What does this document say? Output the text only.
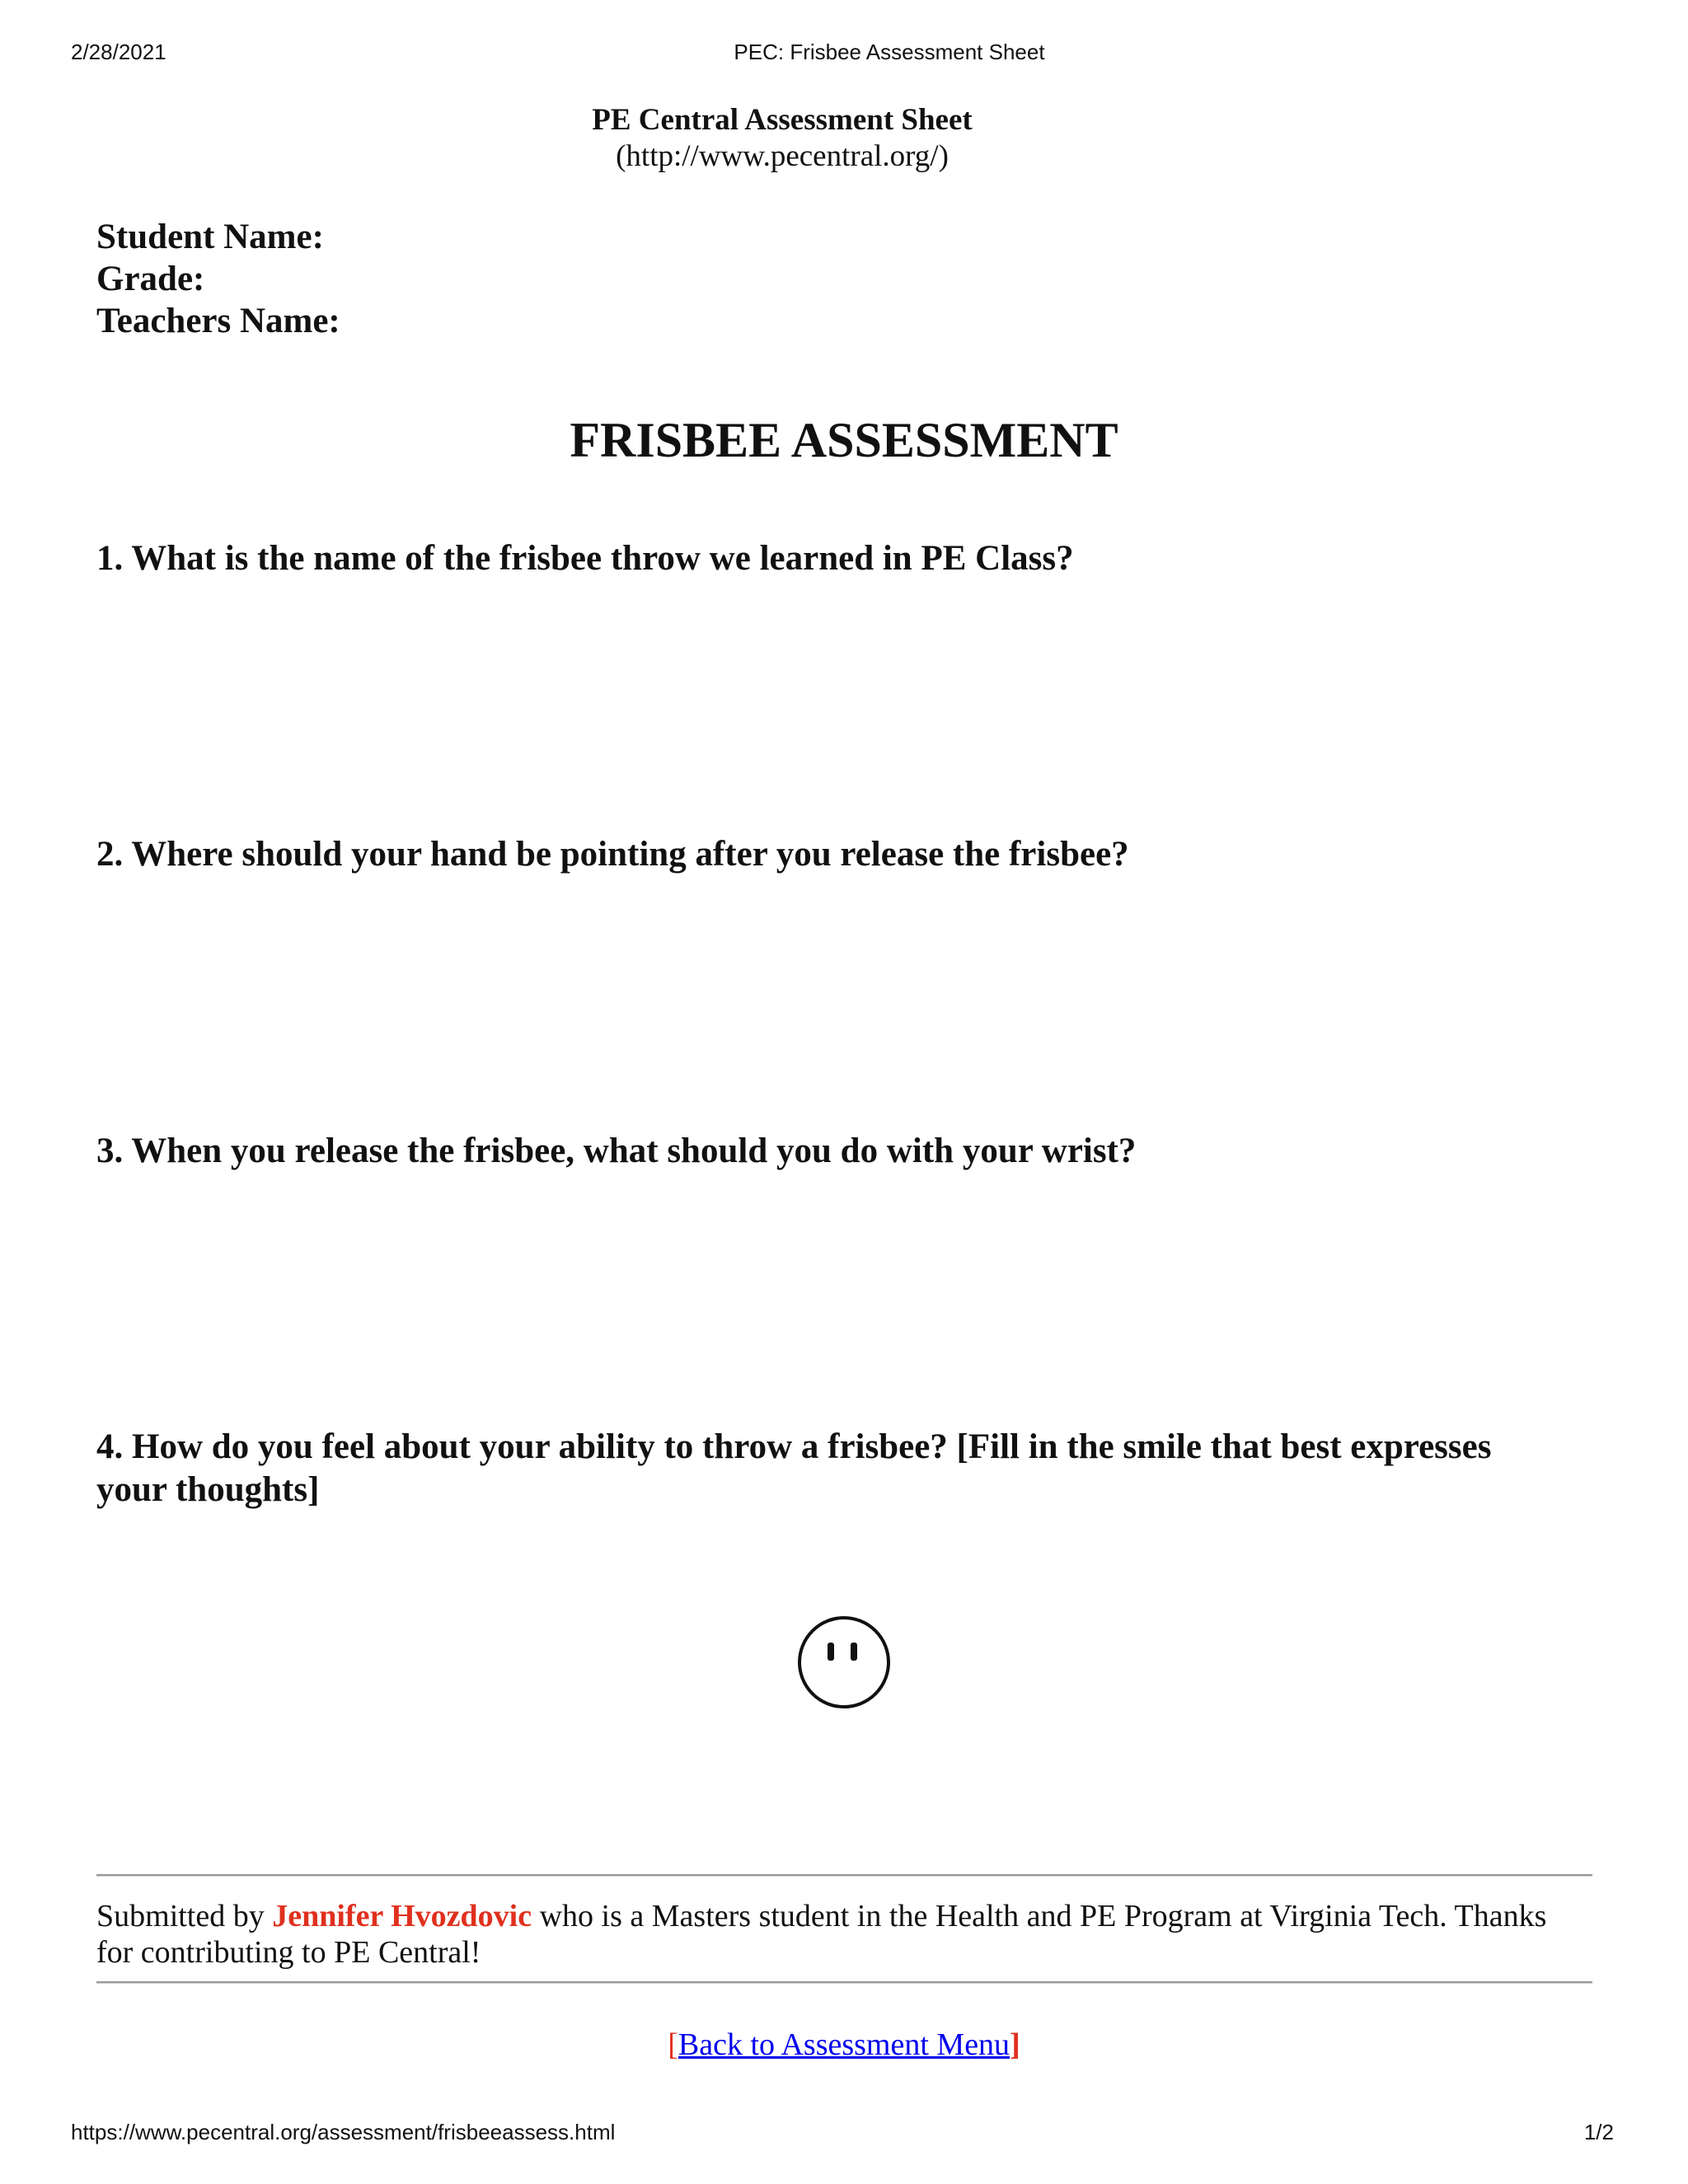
2/28/2021	PEC: Frisbee Assessment Sheet
PE Central Assessment Sheet
(http://www.pecentral.org/)
Student Name:
Grade:
Teachers Name:
FRISBEE ASSESSMENT
1. What is the name of the frisbee throw we learned in PE Class?
2. Where should your hand be pointing after you release the frisbee?
3. When you release the frisbee, what should you do with your wrist?
4. How do you feel about your ability to throw a frisbee? [Fill in the smile that best expresses your thoughts]
Submitted by Jennifer Hvozdovic who is a Masters student in the Health and PE Program at Virginia Tech. Thanks for contributing to PE Central!
[Back to Assessment Menu]
https://www.pecentral.org/assessment/frisbeeassess.html	1/2
